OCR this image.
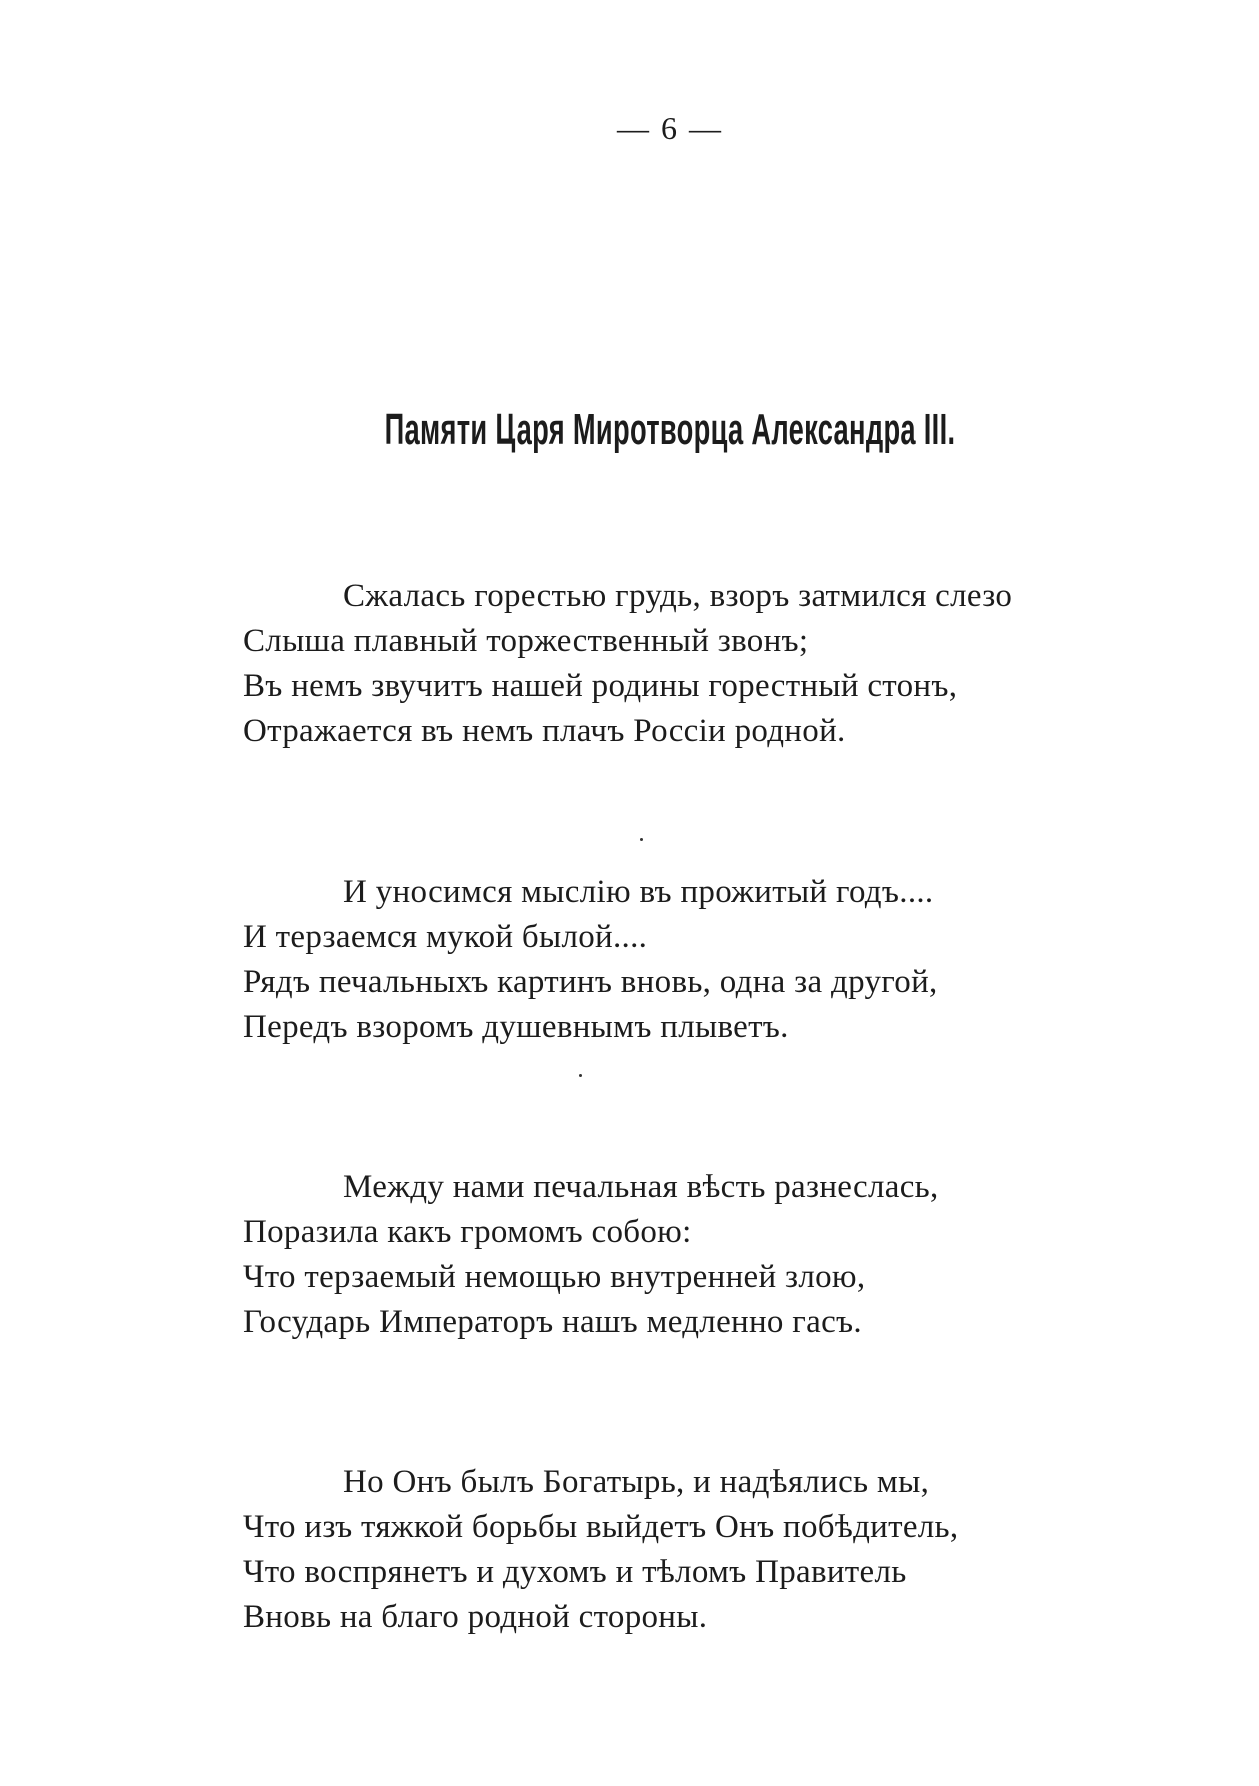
— 6 —
Памяти Царя Миротворца Александра III.
Сжалась горестью грудь, взоръ затмился слезо
Слыша плавный торжественный звонъ;
Въ немъ звучитъ нашей родины горестный стонъ,
Отражается въ немъ плачъ Россiи родной.
И уносимся мыслiю въ прожитый годъ....
И терзаемся мукой былой....
Рядъ печальныхъ картинъ вновь, одна за другой,
Передъ взоромъ душевнымъ плыветъ.
Между нами печальная вѣсть разнеслась,
Поразила какъ громомъ собою:
Что терзаемый немощью внутренней злою,
Государь Императоръ нашъ медленно гасъ.
Но Онъ былъ Богатырь, и надѣялись мы,
Что изъ тяжкой борьбы выйдетъ Онъ побѣдитель,
Что воспрянетъ и духомъ и тѣломъ Правитель
Вновь на благо родной стороны.
